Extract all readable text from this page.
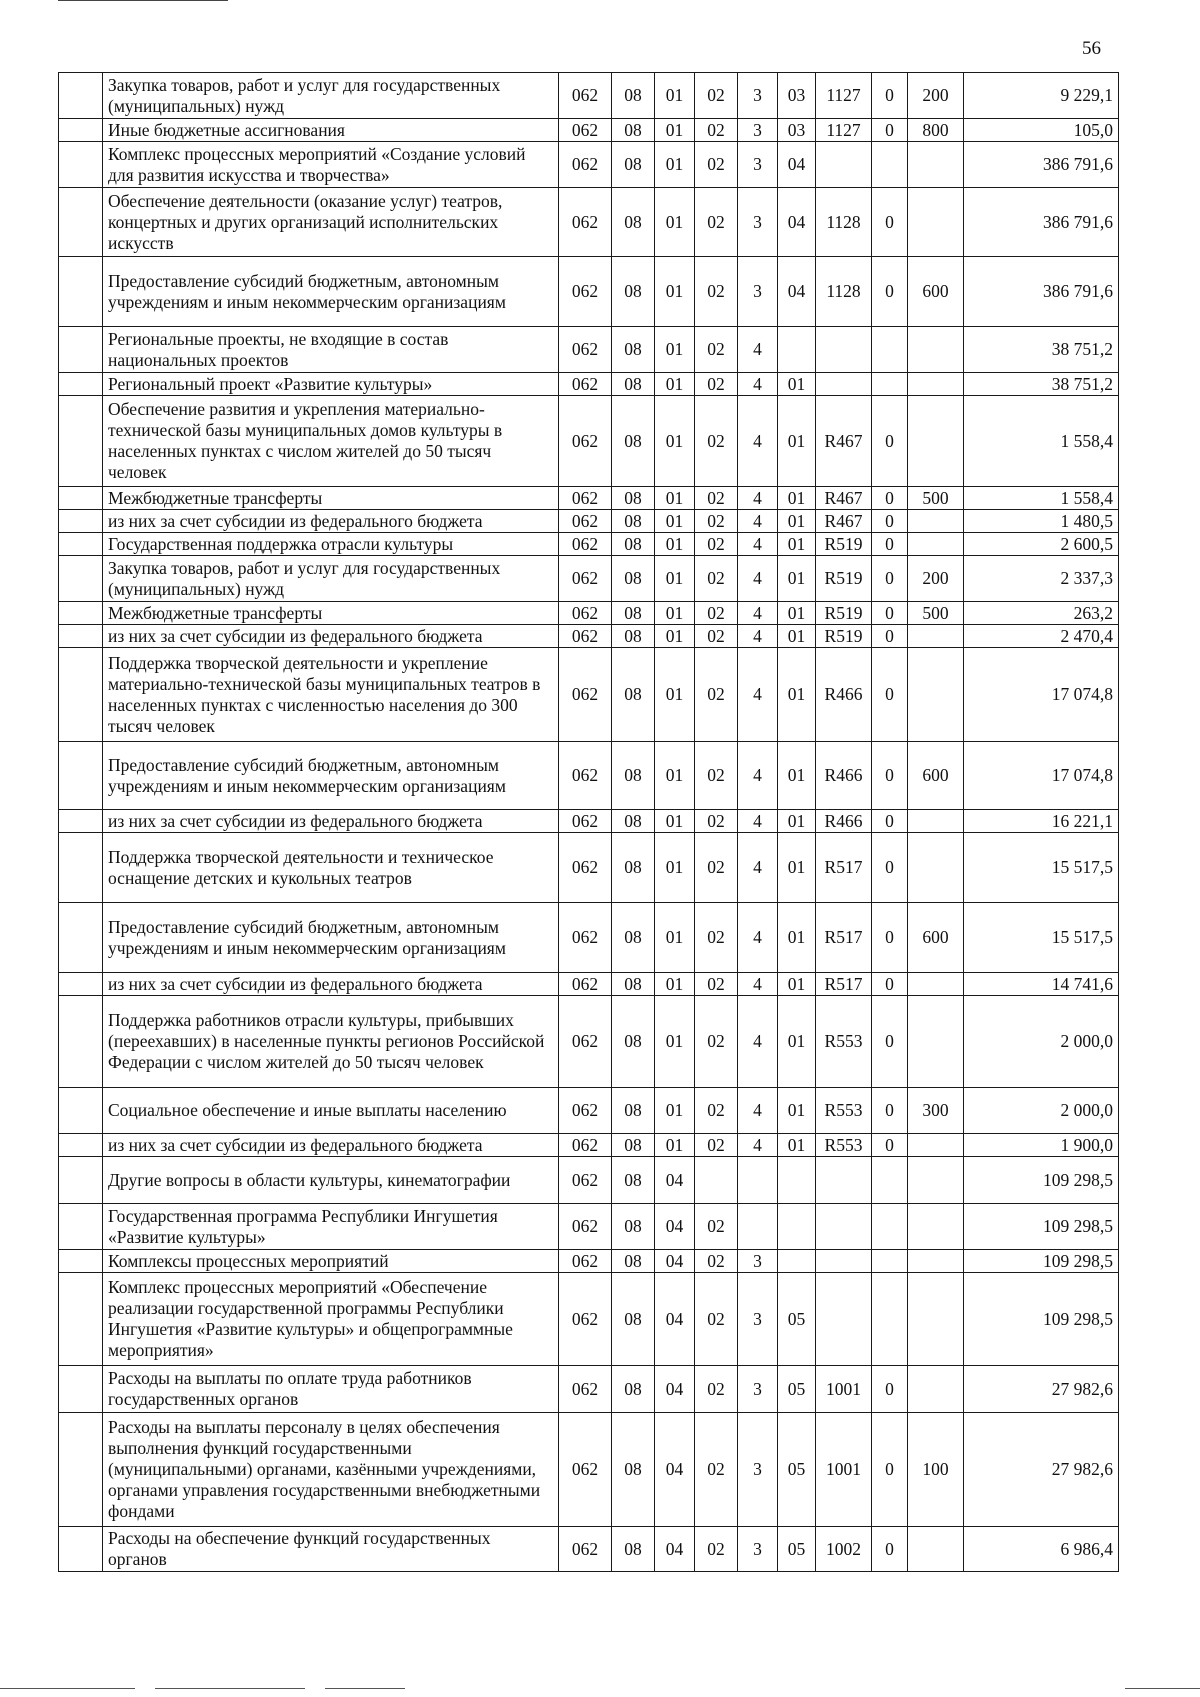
56
	Закупка товаров, работ и услуг для государственных (муниципальных) нужд	062	08	01	02	3	03	1127	0	200	9 229,1
	Иные бюджетные ассигнования	062	08	01	02	3	03	1127	0	800	105,0
	Комплекс процессных мероприятий «Создание условий для развития искусства и творчества»	062	08	01	02	3	04				386 791,6
	Обеспечение деятельности (оказание услуг) театров, концертных и других организаций исполнительских искусств	062	08	01	02	3	04	1128	0		386 791,6
	Предоставление субсидий бюджетным, автономным учреждениям и иным некоммерческим организациям	062	08	01	02	3	04	1128	0	600	386 791,6
	Региональные проекты, не входящие в состав национальных проектов	062	08	01	02	4					38 751,2
	Региональный проект «Развитие культуры»	062	08	01	02	4	01				38 751,2
	Обеспечение развития и укрепления материально-технической базы муниципальных домов культуры в населенных пунктах с числом жителей до 50 тысяч человек	062	08	01	02	4	01	R467	0		1 558,4
	Межбюджетные трансферты	062	08	01	02	4	01	R467	0	500	1 558,4
	из них за счет субсидии из федерального бюджета	062	08	01	02	4	01	R467	0		1 480,5
	Государственная поддержка отрасли культуры	062	08	01	02	4	01	R519	0		2 600,5
	Закупка товаров, работ и услуг для государственных (муниципальных) нужд	062	08	01	02	4	01	R519	0	200	2 337,3
	Межбюджетные трансферты	062	08	01	02	4	01	R519	0	500	263,2
	из них за счет субсидии из федерального бюджета	062	08	01	02	4	01	R519	0		2 470,4
	Поддержка творческой деятельности и укрепление материально-технической базы муниципальных театров в населенных пунктах с численностью населения до 300 тысяч человек	062	08	01	02	4	01	R466	0		17 074,8
	Предоставление субсидий бюджетным, автономным учреждениям и иным некоммерческим организациям	062	08	01	02	4	01	R466	0	600	17 074,8
	из них за счет субсидии из федерального бюджета	062	08	01	02	4	01	R466	0		16 221,1
	Поддержка творческой деятельности и техническое оснащение детских и кукольных театров	062	08	01	02	4	01	R517	0		15 517,5
	Предоставление субсидий бюджетным, автономным учреждениям и иным некоммерческим организациям	062	08	01	02	4	01	R517	0	600	15 517,5
	из них за счет субсидии из федерального бюджета	062	08	01	02	4	01	R517	0		14 741,6
	Поддержка работников отрасли культуры, прибывших (переехавших) в населенные пункты регионов Российской Федерации с числом жителей до 50 тысяч человек	062	08	01	02	4	01	R553	0		2 000,0
	Социальное обеспечение и иные выплаты населению	062	08	01	02	4	01	R553	0	300	2 000,0
	из них за счет субсидии из федерального бюджета	062	08	01	02	4	01	R553	0		1 900,0
	Другие вопросы в области культуры, кинематографии	062	08	04							109 298,5
	Государственная программа Республики Ингушетия «Развитие культуры»	062	08	04	02						109 298,5
	Комплексы процессных мероприятий	062	08	04	02	3					109 298,5
	Комплекс процессных мероприятий «Обеспечение реализации государственной программы Республики Ингушетия «Развитие культуры» и общепрограммные мероприятия»	062	08	04	02	3	05				109 298,5
	Расходы на выплаты по оплате труда работников государственных органов	062	08	04	02	3	05	1001	0		27 982,6
	Расходы на выплаты персоналу в целях обеспечения выполнения функций государственными (муниципальными) органами, казёнными учреждениями, органами управления государственными внебюджетными фондами	062	08	04	02	3	05	1001	0	100	27 982,6
	Расходы на обеспечение функций государственных органов	062	08	04	02	3	05	1002	0		6 986,4
